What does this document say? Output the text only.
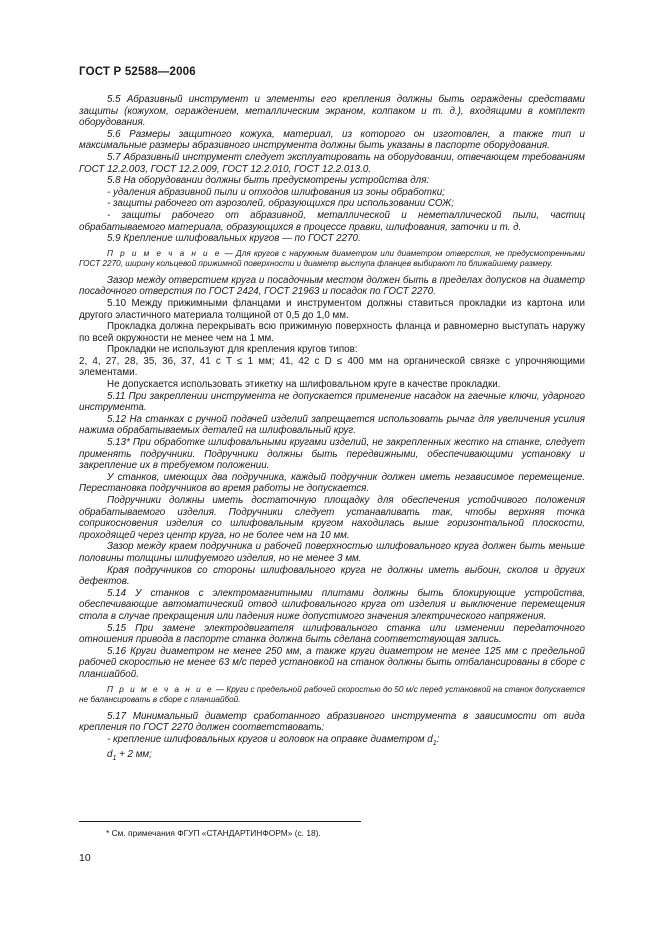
ГОСТ Р 52588—2006

5.5 Абразивный инструмент и элементы его крепления должны быть ограждены средствами защиты (кожухом, ограждением, металлическим экраном, колпаком и т. д.), входящими в комплект оборудования.

5.6 Размеры защитного кожуха, материал, из которого он изготовлен, а также тип и максимальные размеры абразивного инструмента должны быть указаны в паспорте оборудования.

5.7 Абразивный инструмент следует эксплуатировать на оборудовании, отвечающем требованиям ГОСТ 12.2.003, ГОСТ 12.2.009, ГОСТ 12.2.010, ГОСТ 12.2.013.0.

5.8 На оборудовании должны быть предусмотрены устройства для:

- удаления абразивной пыли и отходов шлифования из зоны обработки;

- защиты рабочего от аэрозолей, образующихся при использовании СОЖ;

- защиты рабочего от абразивной, металлической и неметаллической пыли, частиц обрабатываемого материала, образующихся в процессе правки, шлифования, заточки и т. д.

5.9 Крепление шлифовальных кругов — по ГОСТ 2270.

П р и м е ч а н и е — Для кругов с наружным диаметром или диаметром отверстия, не предусмотренными ГОСТ 2270, ширину кольцевой прижимной поверхности и диаметр выступа фланцев выбирают по ближайшему размеру.

Зазор между отверстием круга и посадочным местом должен быть в пределах допусков на диаметр посадочного отверстия по ГОСТ 2424, ГОСТ 21963 и посадок по ГОСТ 2270.

5.10 Между прижимными фланцами и инструментом должны ставиться прокладки из картона или другого эластичного материала толщиной от 0,5 до 1,0 мм.

Прокладка должна перекрывать всю прижимную поверхность фланца и равномерно выступать наружу по всей окружности не менее чем на 1 мм.

Прокладки не используют для крепления кругов типов:

2, 4, 27, 28, 35, 36, 37, 41 с T ≤ 1 мм; 41, 42 с D ≤ 400 мм на органической связке с упрочняющими элементами.

Не допускается использовать этикетку на шлифовальном круге в качестве прокладки.

5.11 При закреплении инструмента не допускается применение насадок на гаечные ключи, ударного инструмента.

5.12 На станках с ручной подачей изделий запрещается использовать рычаг для увеличения усилия нажима обрабатываемых деталей на шлифовальный круг.

5.13* При обработке шлифовальными кругами изделий, не закрепленных жестко на станке, следует применять подручники. Подручники должны быть передвижными, обеспечивающими установку и закрепление их в требуемом положении.

У станков, имеющих два подручника, каждый подручник должен иметь независимое перемещение. Перестановка подручников во время работы не допускается.

Подручники должны иметь достаточную площадку для обеспечения устойчивого положения обрабатываемого изделия. Подручники следует устанавливать так, чтобы верхняя точка соприкосновения изделия со шлифовальным кругом находилась выше горизонтальной плоскости, проходящей через центр круга, но не более чем на 10 мм.

Зазор между краем подручника и рабочей поверхностью шлифовального круга должен быть меньше половины толщины шлифуемого изделия, но не менее 3 мм.

Края подручников со стороны шлифовального круга не должны иметь выбоин, сколов и других дефектов.

5.14 У станков с электромагнитными плитами должны быть блокирующие устройства, обеспечивающие автоматический отвод шлифовального круга от изделия и выключение перемещения стола в случае прекращения или падения ниже допустимого значения электрического напряжения.

5.15 При замене электродвигателя шлифовального станка или изменении передаточного отношения привода в паспорте станка должна быть сделана соответствующая запись.

5.16 Круги диаметром не менее 250 мм, а также круги диаметром не менее 125 мм с предельной рабочей скоростью не менее 63 м/с перед установкой на станок должны быть отбалансированы в сборе с планшайбой.

П р и м е ч а н и е — Круги с предельной рабочей скоростью до 50 м/с перед установкой на станок допускается не балансировать в сборе с планшайбой.

5.17 Минимальный диаметр сработанного абразивного инструмента в зависимости от вида крепления по ГОСТ 2270 должен соответствовать:

- крепление шлифовальных кругов и головок на оправке диаметром $d_1$:

$d_1 + 2$ мм;

* См. примечания ФГУП «СТАНДАРТИНФОРМ» (с. 18).
10
